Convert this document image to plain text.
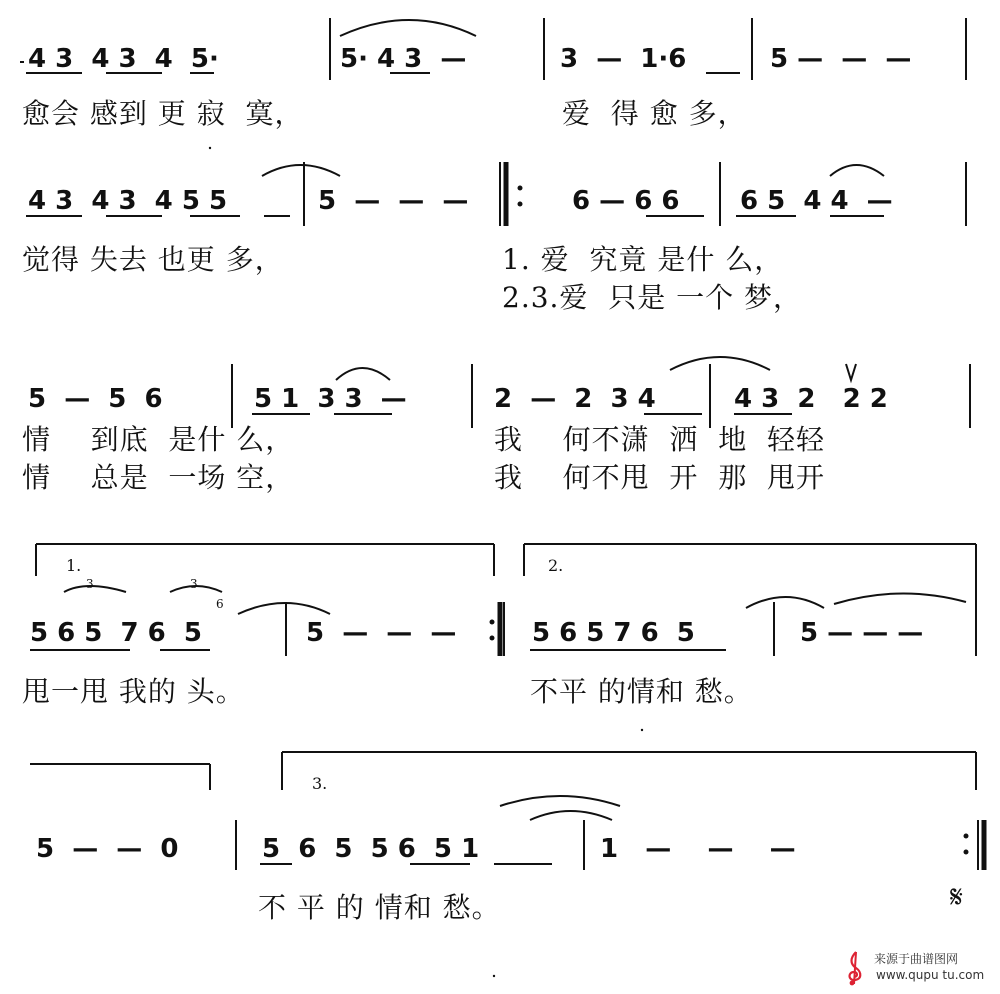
4 3  4 3  4  5·	5· 4 3  —	3  —  1·6	5 —  —  —
愈会 感到 更 寂  寞，	爱  得 愈 多，
4 3  4 3  4 5 5	5  —  —  —	6 — 6 6 6 5  4 4  —
觉得 失去 也更 多，	1. 爱  究竟 是什 么，
2.3.爱  只是 一个 梦，
5  —  5  6	5 1  3 3  —	2  —  2  3 4	4 3  2   2 2
情    到底  是什 么，	我    何不潇  洒  地  轻轻
情    总是  一场 空，	我    何不甩  开  那  甩开
1.	2.
3	3
6
5 6 5  7 6  5	5  —  —  —	5 6 5 7 6  5	5 — — —
甩一甩 我的 头。	不平 的情和 愁。
3.
5  —  —  0	5  6  5  5 6  5 1	1   —    —    —
不 平 的 情和 愁。	𝄋
来源于曲谱图网
www.qupu tu.com
